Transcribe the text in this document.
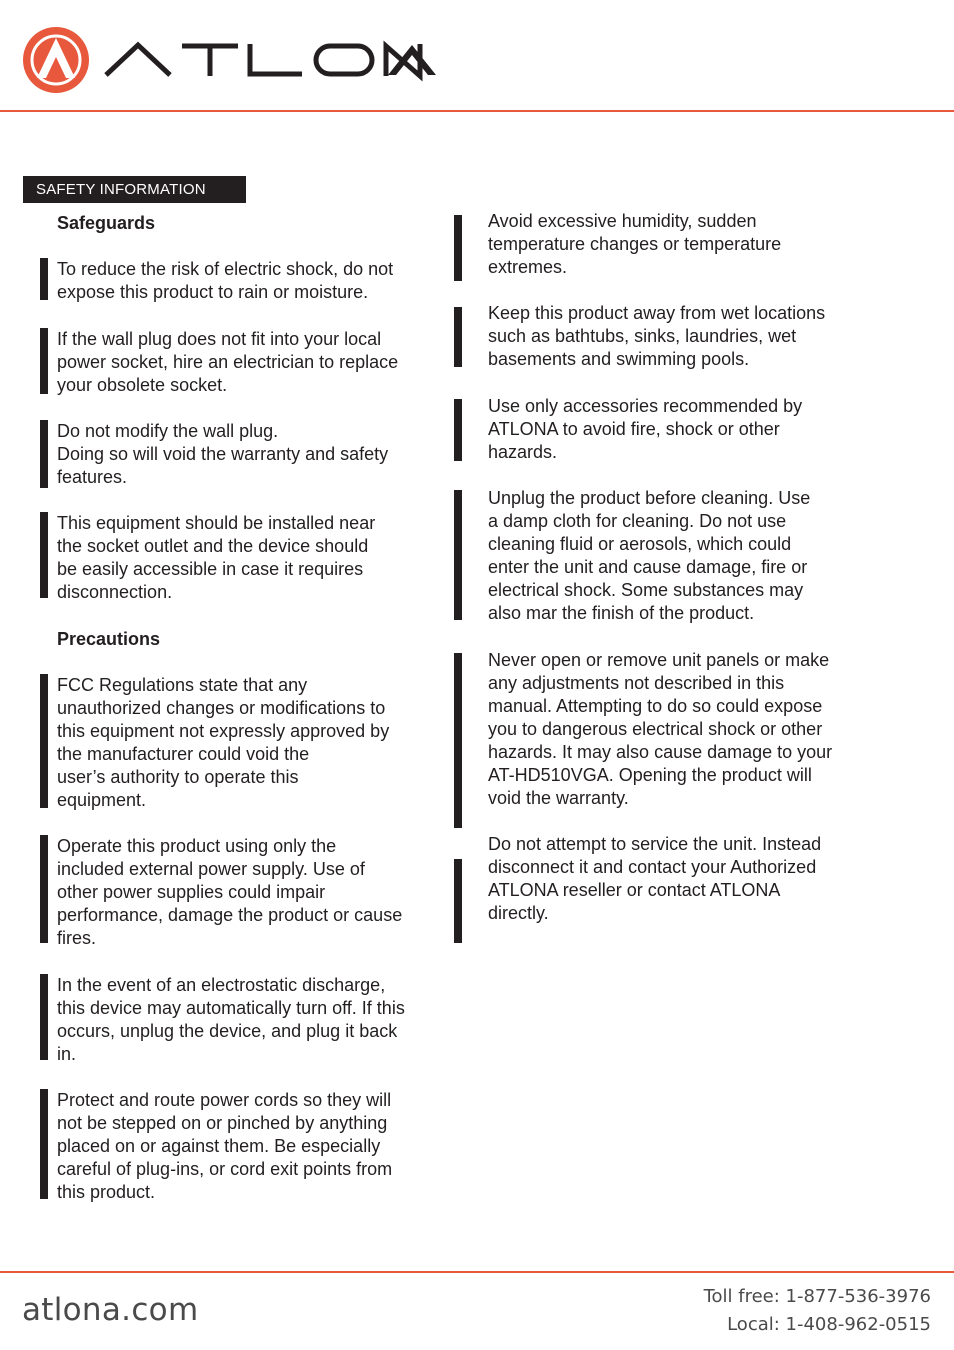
SAFETY INFORMATION
Safeguards
To reduce the risk of electric shock, do not
expose this product to rain or moisture.
If the wall plug does not fit into your local
power socket, hire an electrician to replace
your obsolete socket.
Do not modify the wall plug.
Doing so will void the warranty and safety
features.
This equipment should be installed near
the socket outlet and the device should
be easily accessible in case it requires
disconnection.
Precautions
FCC Regulations state that any
unauthorized changes or modifications to
this equipment not expressly approved by
the manufacturer could void the
user’s authority to operate this
equipment.
Operate this product using only the
included external power supply. Use of
other power supplies could impair
performance, damage the product or cause
fires.
In the event of an electrostatic discharge,
this device may automatically turn off. If this
occurs, unplug the device, and plug it back
in.
Protect and route power cords so they will
not be stepped on or pinched by anything
placed on or against them. Be especially
careful of plug-ins, or cord exit points from
this product.
Avoid excessive humidity, sudden
temperature changes or temperature
extremes.
Keep this product away from wet locations
such as bathtubs, sinks, laundries, wet
basements and swimming pools.
Use only accessories recommended by
ATLONA to avoid fire, shock or other
hazards.
Unplug the product before cleaning. Use
a damp cloth for cleaning. Do not use
cleaning fluid or aerosols, which could
enter the unit and cause damage, fire or
electrical shock. Some substances may
also mar the finish of the product.
Never open or remove unit panels or make
any adjustments not described in this
manual. Attempting to do so could expose
you to dangerous electrical shock or other
hazards. It may also cause damage to your
AT-HD510VGA. Opening the product will
void the warranty.
Do not attempt to service the unit. Instead
disconnect it and contact your Authorized
ATLONA reseller or contact ATLONA
directly.
atlona.com	Toll free: 1-877-536-3976
Local: 1-408-962-0515
